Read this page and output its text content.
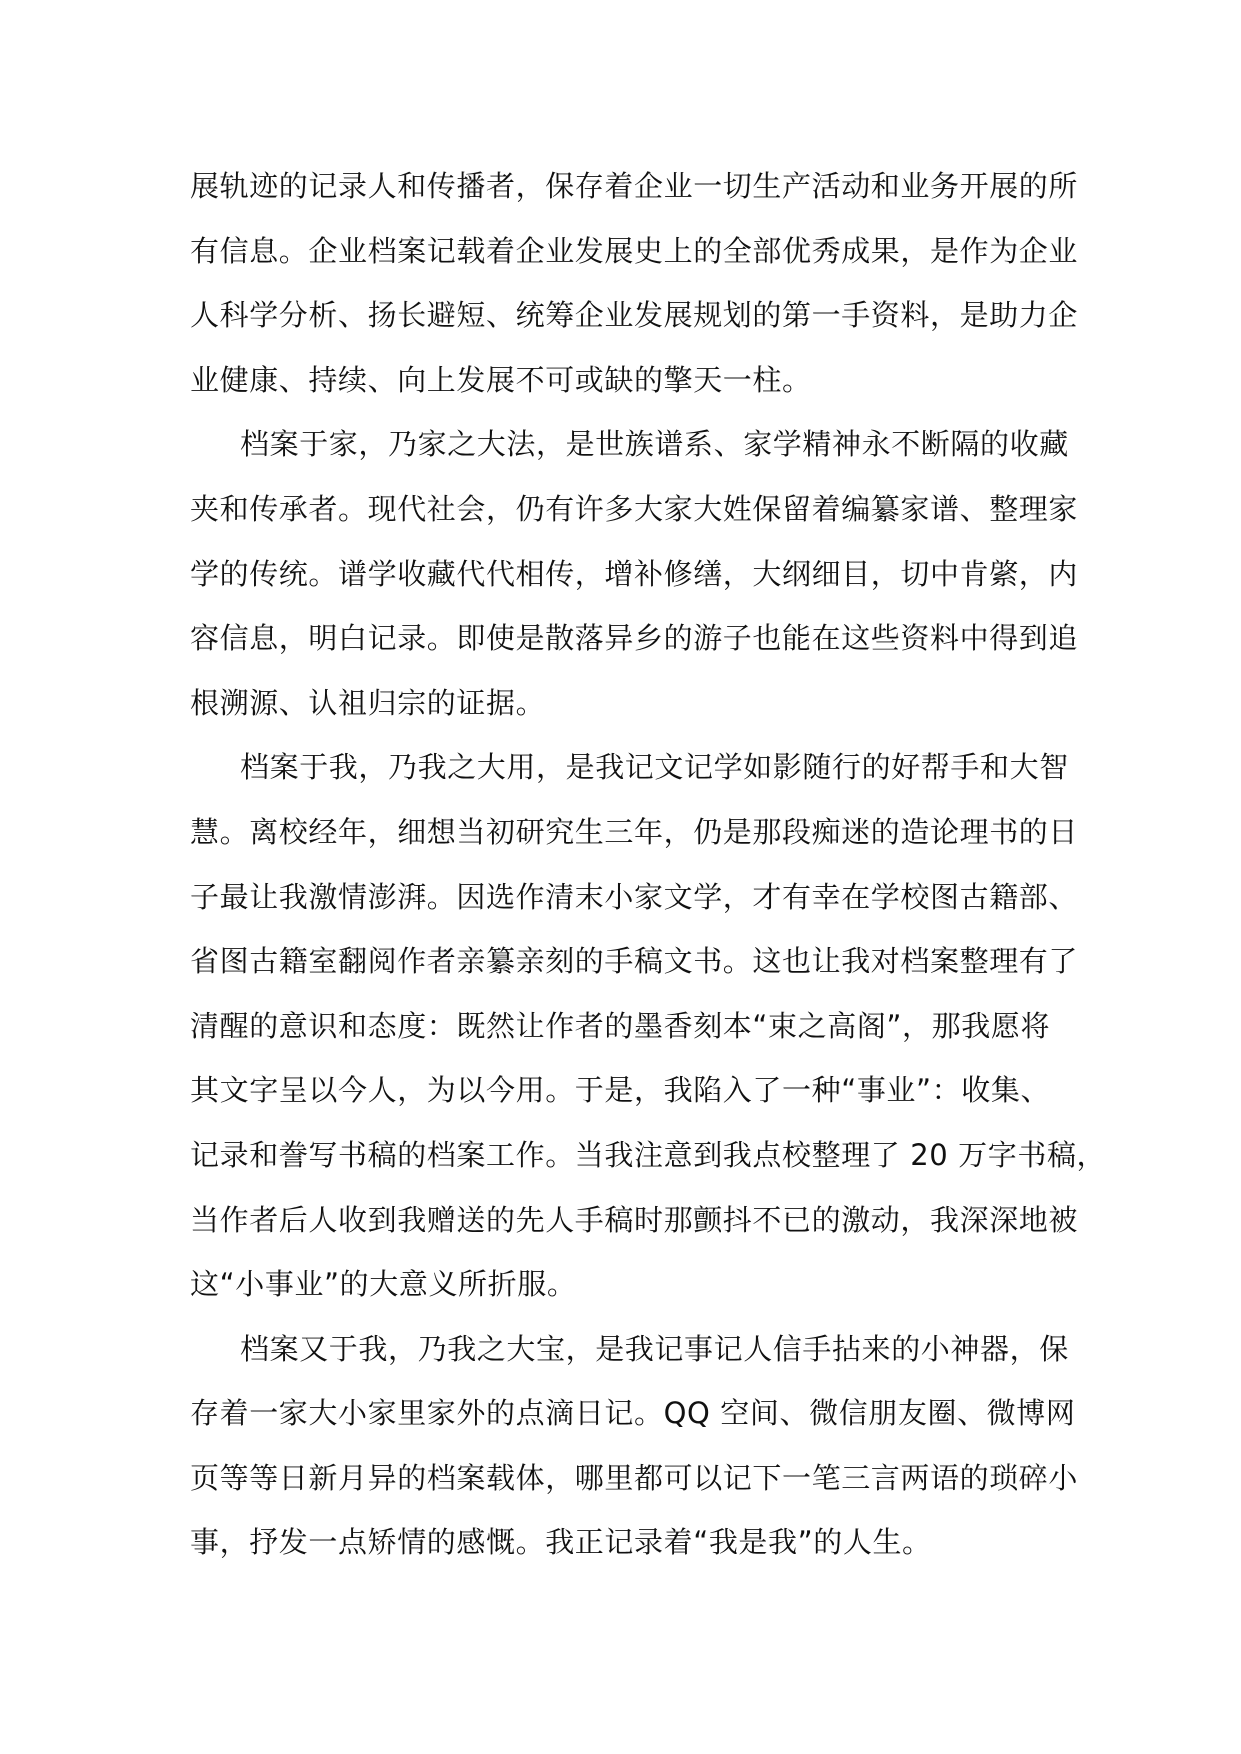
展轨迹的记录人和传播者，保存着企业一切生产活动和业务开展的所
有信息。企业档案记载着企业发展史上的全部优秀成果，是作为企业
人科学分析、扬长避短、统筹企业发展规划的第一手资料，是助力企
业健康、持续、向上发展不可或缺的擎天一柱。
档案于家，乃家之大法，是世族谱系、家学精神永不断隔的收藏
夹和传承者。现代社会，仍有许多大家大姓保留着编纂家谱、整理家
学的传统。谱学收藏代代相传，增补修缮，大纲细目，切中肯綮，内
容信息，明白记录。即使是散落异乡的游子也能在这些资料中得到追
根溯源、认祖归宗的证据。
档案于我，乃我之大用，是我记文记学如影随行的好帮手和大智
慧。离校经年，细想当初研究生三年，仍是那段痴迷的造论理书的日
子最让我激情澎湃。因选作清末小家文学，才有幸在学校图古籍部、
省图古籍室翻阅作者亲纂亲刻的手稿文书。这也让我对档案整理有了
清醒的意识和态度：既然让作者的墨香刻本“束之高阁”，那我愿将
其文字呈以今人，为以今用。于是，我陷入了一种“事业”：收集、
记录和誊写书稿的档案工作。当我注意到我点校整理了 20 万字书稿，
当作者后人收到我赠送的先人手稿时那颤抖不已的激动，我深深地被
这“小事业”的大意义所折服。
档案又于我，乃我之大宝，是我记事记人信手拈来的小神器，保
存着一家大小家里家外的点滴日记。QQ 空间、微信朋友圈、微博网
页等等日新月异的档案载体，哪里都可以记下一笔三言两语的琐碎小
事，抒发一点矫情的感慨。我正记录着“我是我”的人生。
